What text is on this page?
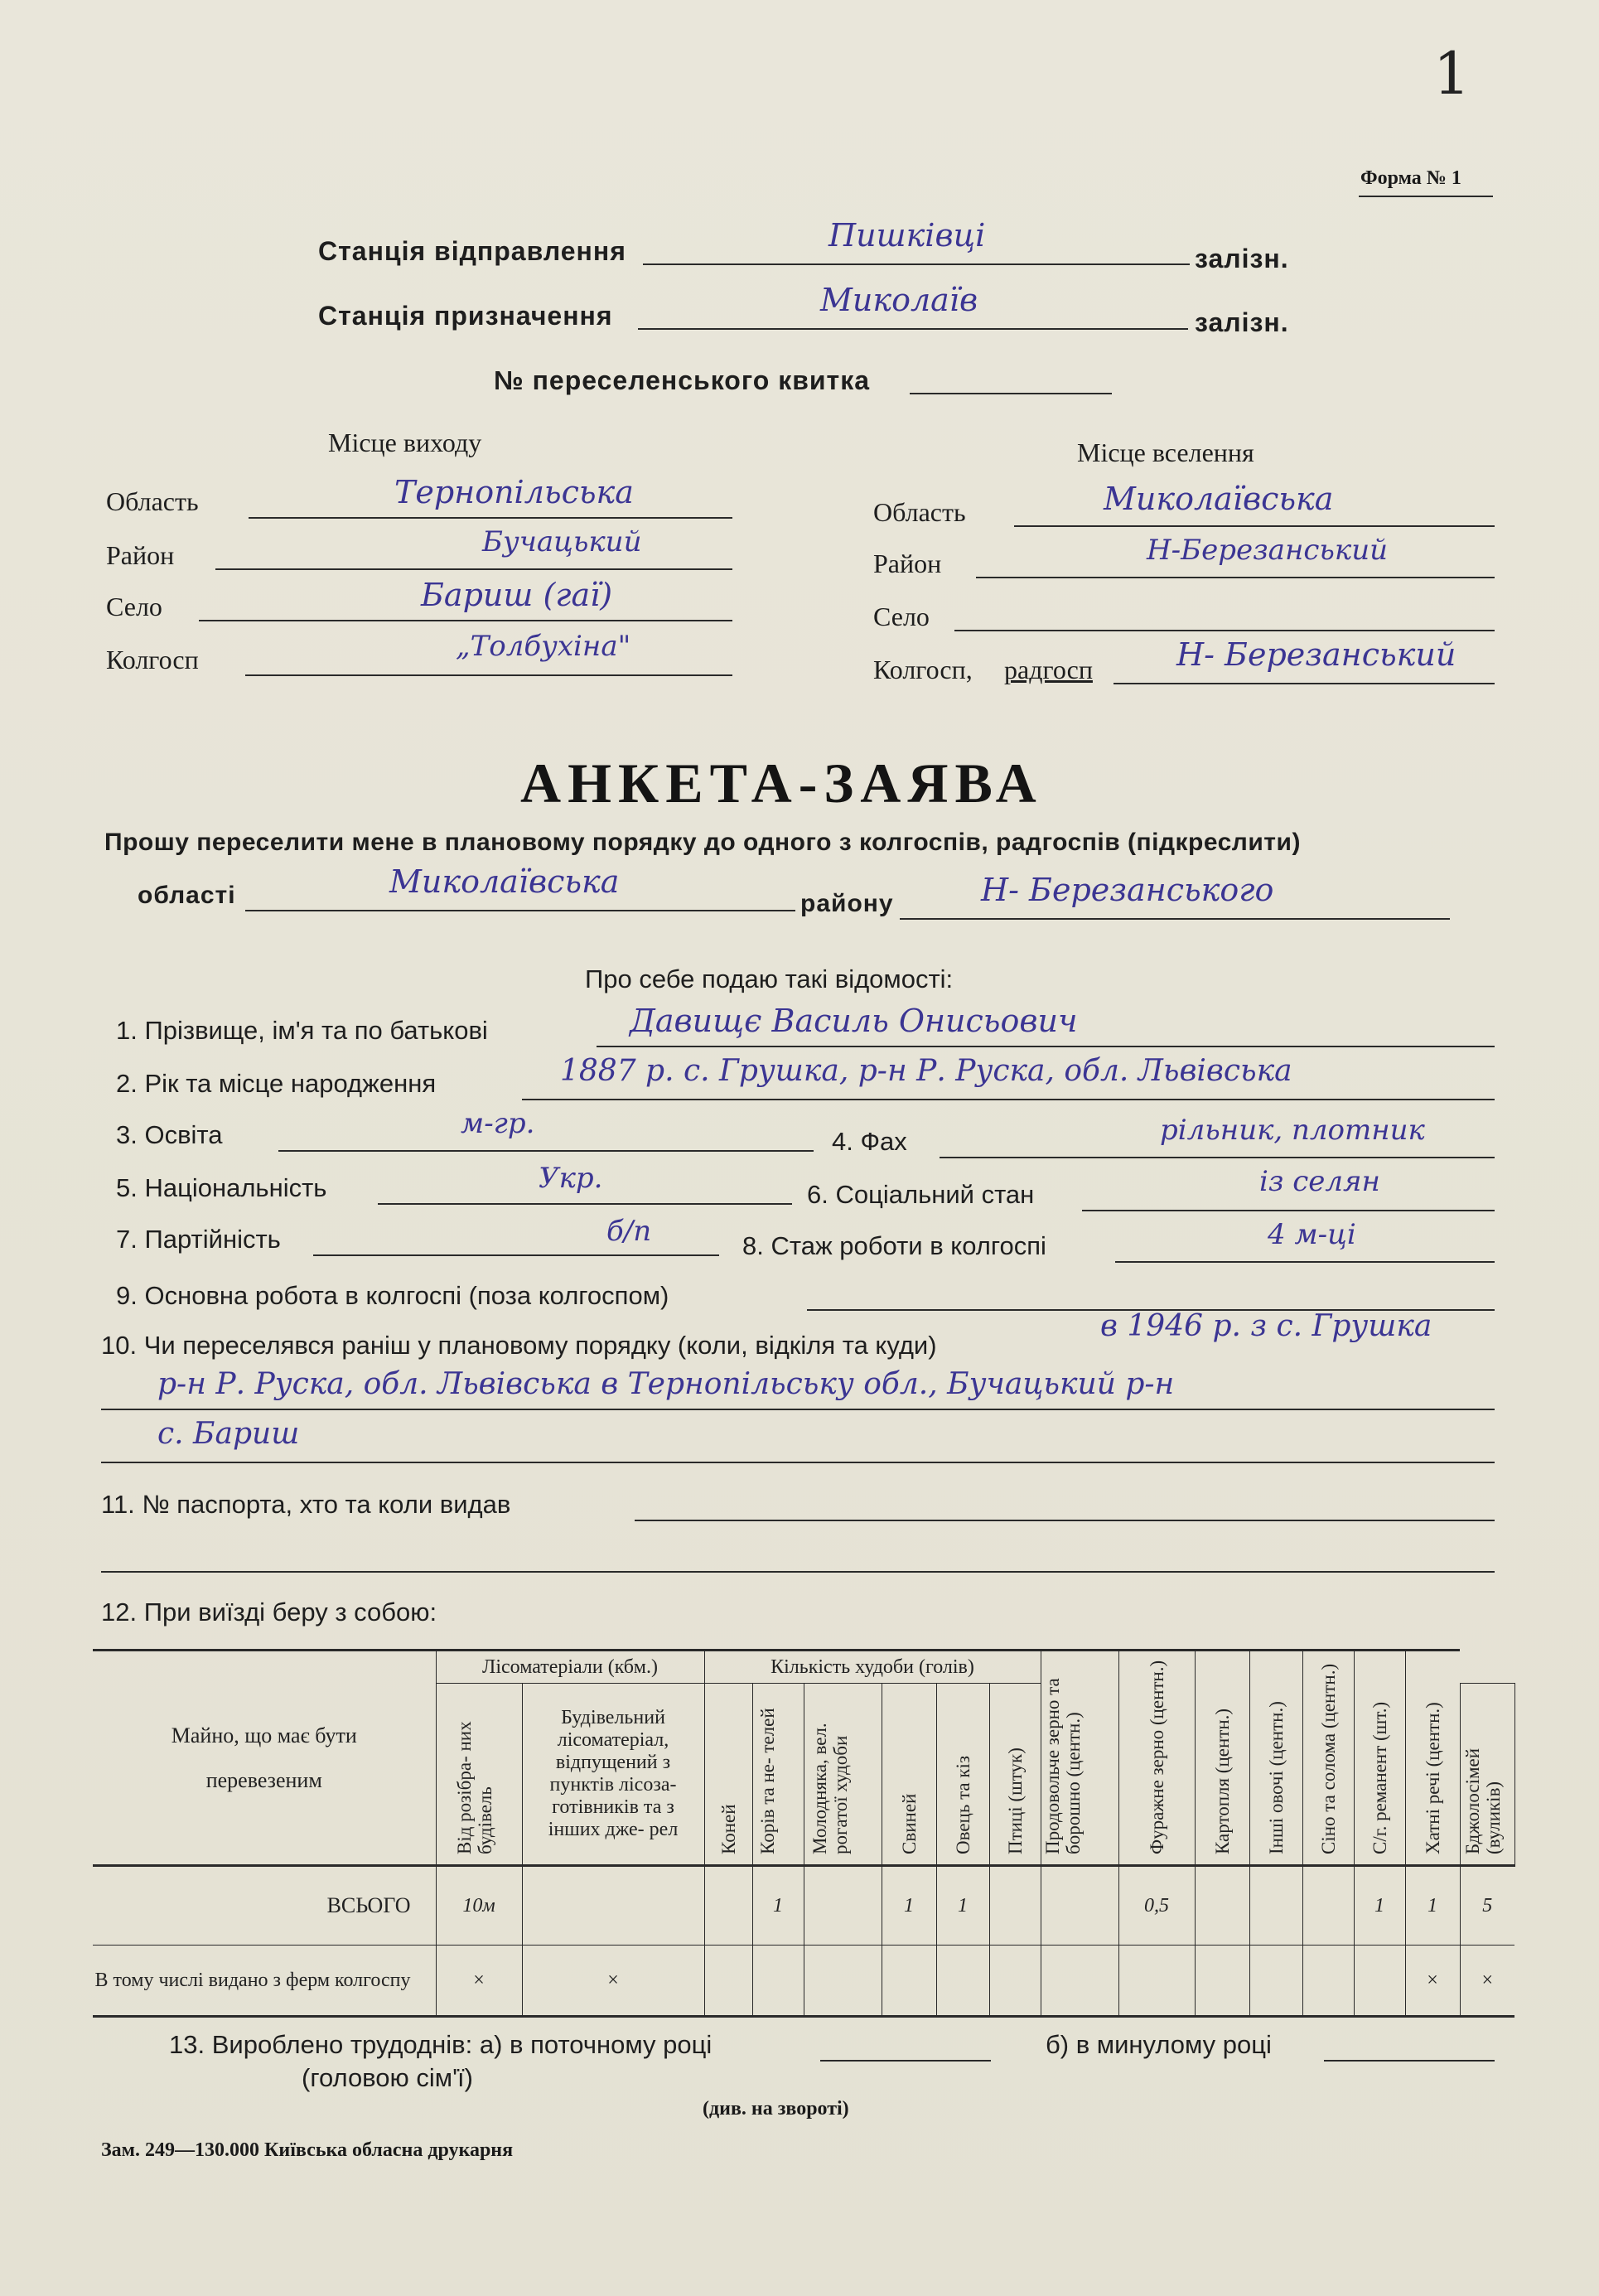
1
Форма № 1
Станція відправлення	Пишківці
залізн.
Станція призначення	Миколаїв
залізн.
№ переселенського квитка
Місце виходу
Область	Тернопільська
Район	Бучацький
Село	Бариш (гаї)
Колгосп	„Толбухіна"
Місце вселення
Область	Миколаївська
Район	Н-Березанський
Село
Колгосп, радгосп	Н- Березанський
АНКЕТА-ЗАЯВА
Прошу переселити мене в плановому порядку до одного з колгоспів, радгоспів (підкреслити)
області	Миколаївська
району	Н- Березанського
Про себе подаю такі відомості:
1. Прізвище, ім'я та по батькові	Давищє Василь Онисьович
2. Рік та місце народження	1887 р. с. Грушка, р-н Р. Руска, обл. Львівська
3. Освіта	м-гр.
4. Фах	рільник, плотник
5. Національність	Укр.	6. Соціальний стан	із селян
7. Партійність	б/п	8. Стаж роботи в колгоспі	4 м-ці
9. Основна робота в колгоспі (поза колгоспом)
10. Чи переселявся раніш у плановому порядку (коли, відкіля та куди)
в 1946 р. з с. Грушка
р-н Р. Руска, обл. Львівська в Тернопільську обл., Бучацький р-н
с. Бариш
11. № паспорта, хто та коли видав
12. При виїзді беру з собою:
Майно, що має бути перевезеним	Лісоматеріали (кбм.)		Кількість худоби (голів)						Продовольче зерно та борошно (центн.)	Фуражне зерно (центн.)	Картопля (центн.)	Інші овочі (центн.)	Сіно та солома (центн.)	С/г. реманент (шт.)	Хатні речі (центн.)	
	Від розібра- них будівель	Будівельний лісоматеріал, відпущений з пунктів лісоза- готівників та з інших дже- рел	Коней	Корів та не- телей	Молодняка, вел. рогатої худоби	Свиней	Овець та кіз	Птиці (штук)								Бджолосімей (вуликів)
ВСЬОГО	10м			1		1	1			0,5				1	1	5
В тому числі видано з ферм колгоспу	×	×													×	×
13. Вироблено трудоднів: а) в поточному році	б) в минулому році
(головою сім'ї)
(див. на звороті)
Зам. 249—130.000 Київська обласна друкарня
